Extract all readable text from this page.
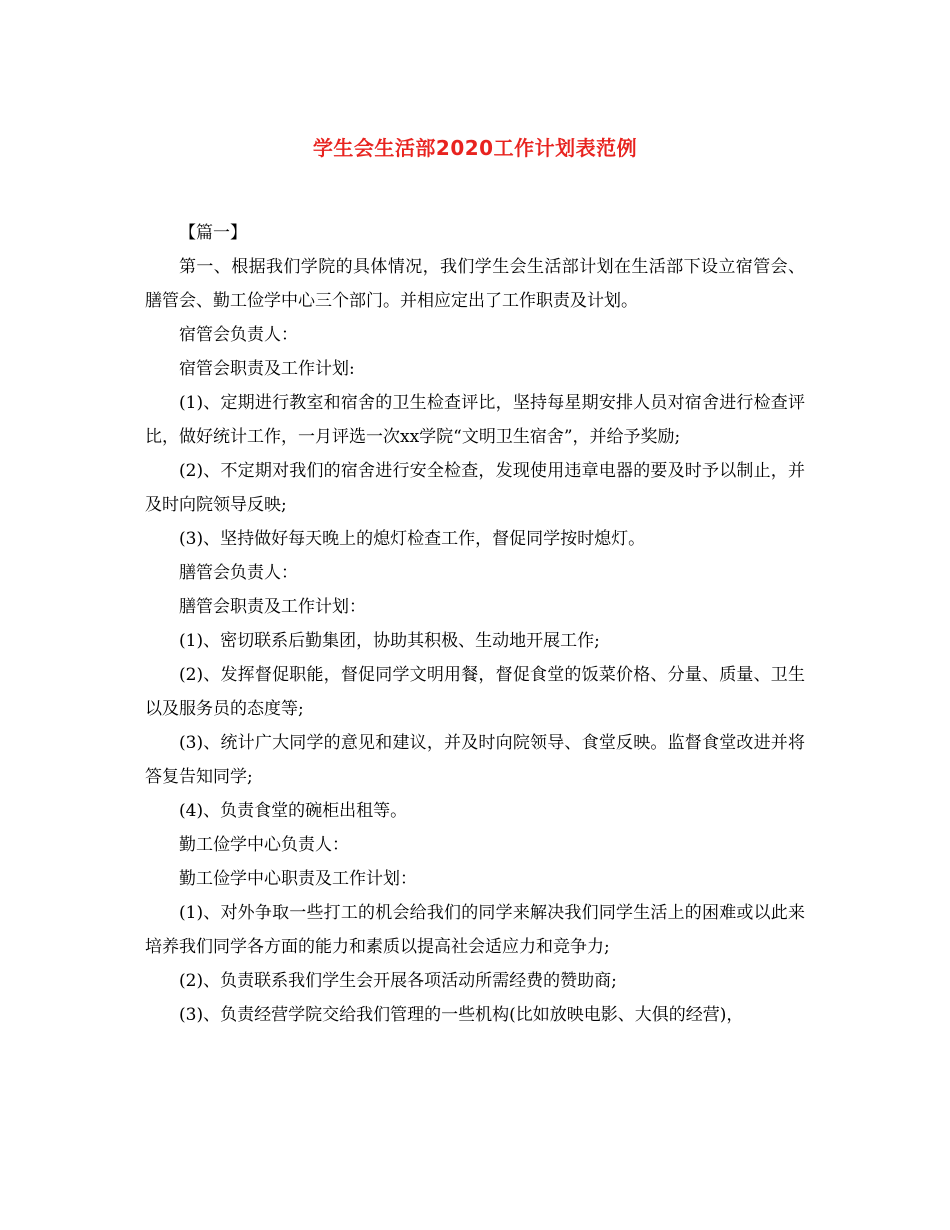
学生会生活部2020工作计划表范例

【篇一】

第一、根据我们学院的具体情况，我们学生会生活部计划在生活部下设立宿管会、膳管会、勤工俭学中心三个部门。并相应定出了工作职责及计划。

宿管会负责人：

宿管会职责及工作计划:

(1)、定期进行教室和宿舍的卫生检查评比，坚持每星期安排人员对宿舍进行检查评比，做好统计工作，一月评选一次xx学院“文明卫生宿舍”，并给予奖励;

(2)、不定期对我们的宿舍进行安全检查，发现使用违章电器的要及时予以制止，并及时向院领导反映;

(3)、坚持做好每天晚上的熄灯检查工作，督促同学按时熄灯。

膳管会负责人：

膳管会职责及工作计划：

(1)、密切联系后勤集团，协助其积极、生动地开展工作;

(2)、发挥督促职能，督促同学文明用餐，督促食堂的饭菜价格、分量、质量、卫生以及服务员的态度等;

(3)、统计广大同学的意见和建议，并及时向院领导、食堂反映。监督食堂改进并将答复告知同学;

(4)、负责食堂的碗柜出租等。

勤工俭学中心负责人：

勤工俭学中心职责及工作计划：

(1)、对外争取一些打工的机会给我们的同学来解决我们同学生活上的困难或以此来培养我们同学各方面的能力和素质以提高社会适应力和竞争力;

(2)、负责联系我们学生会开展各项活动所需经费的赞助商;

(3)、负责经营学院交给我们管理的一些机构(比如放映电影、大俱的经营)，
